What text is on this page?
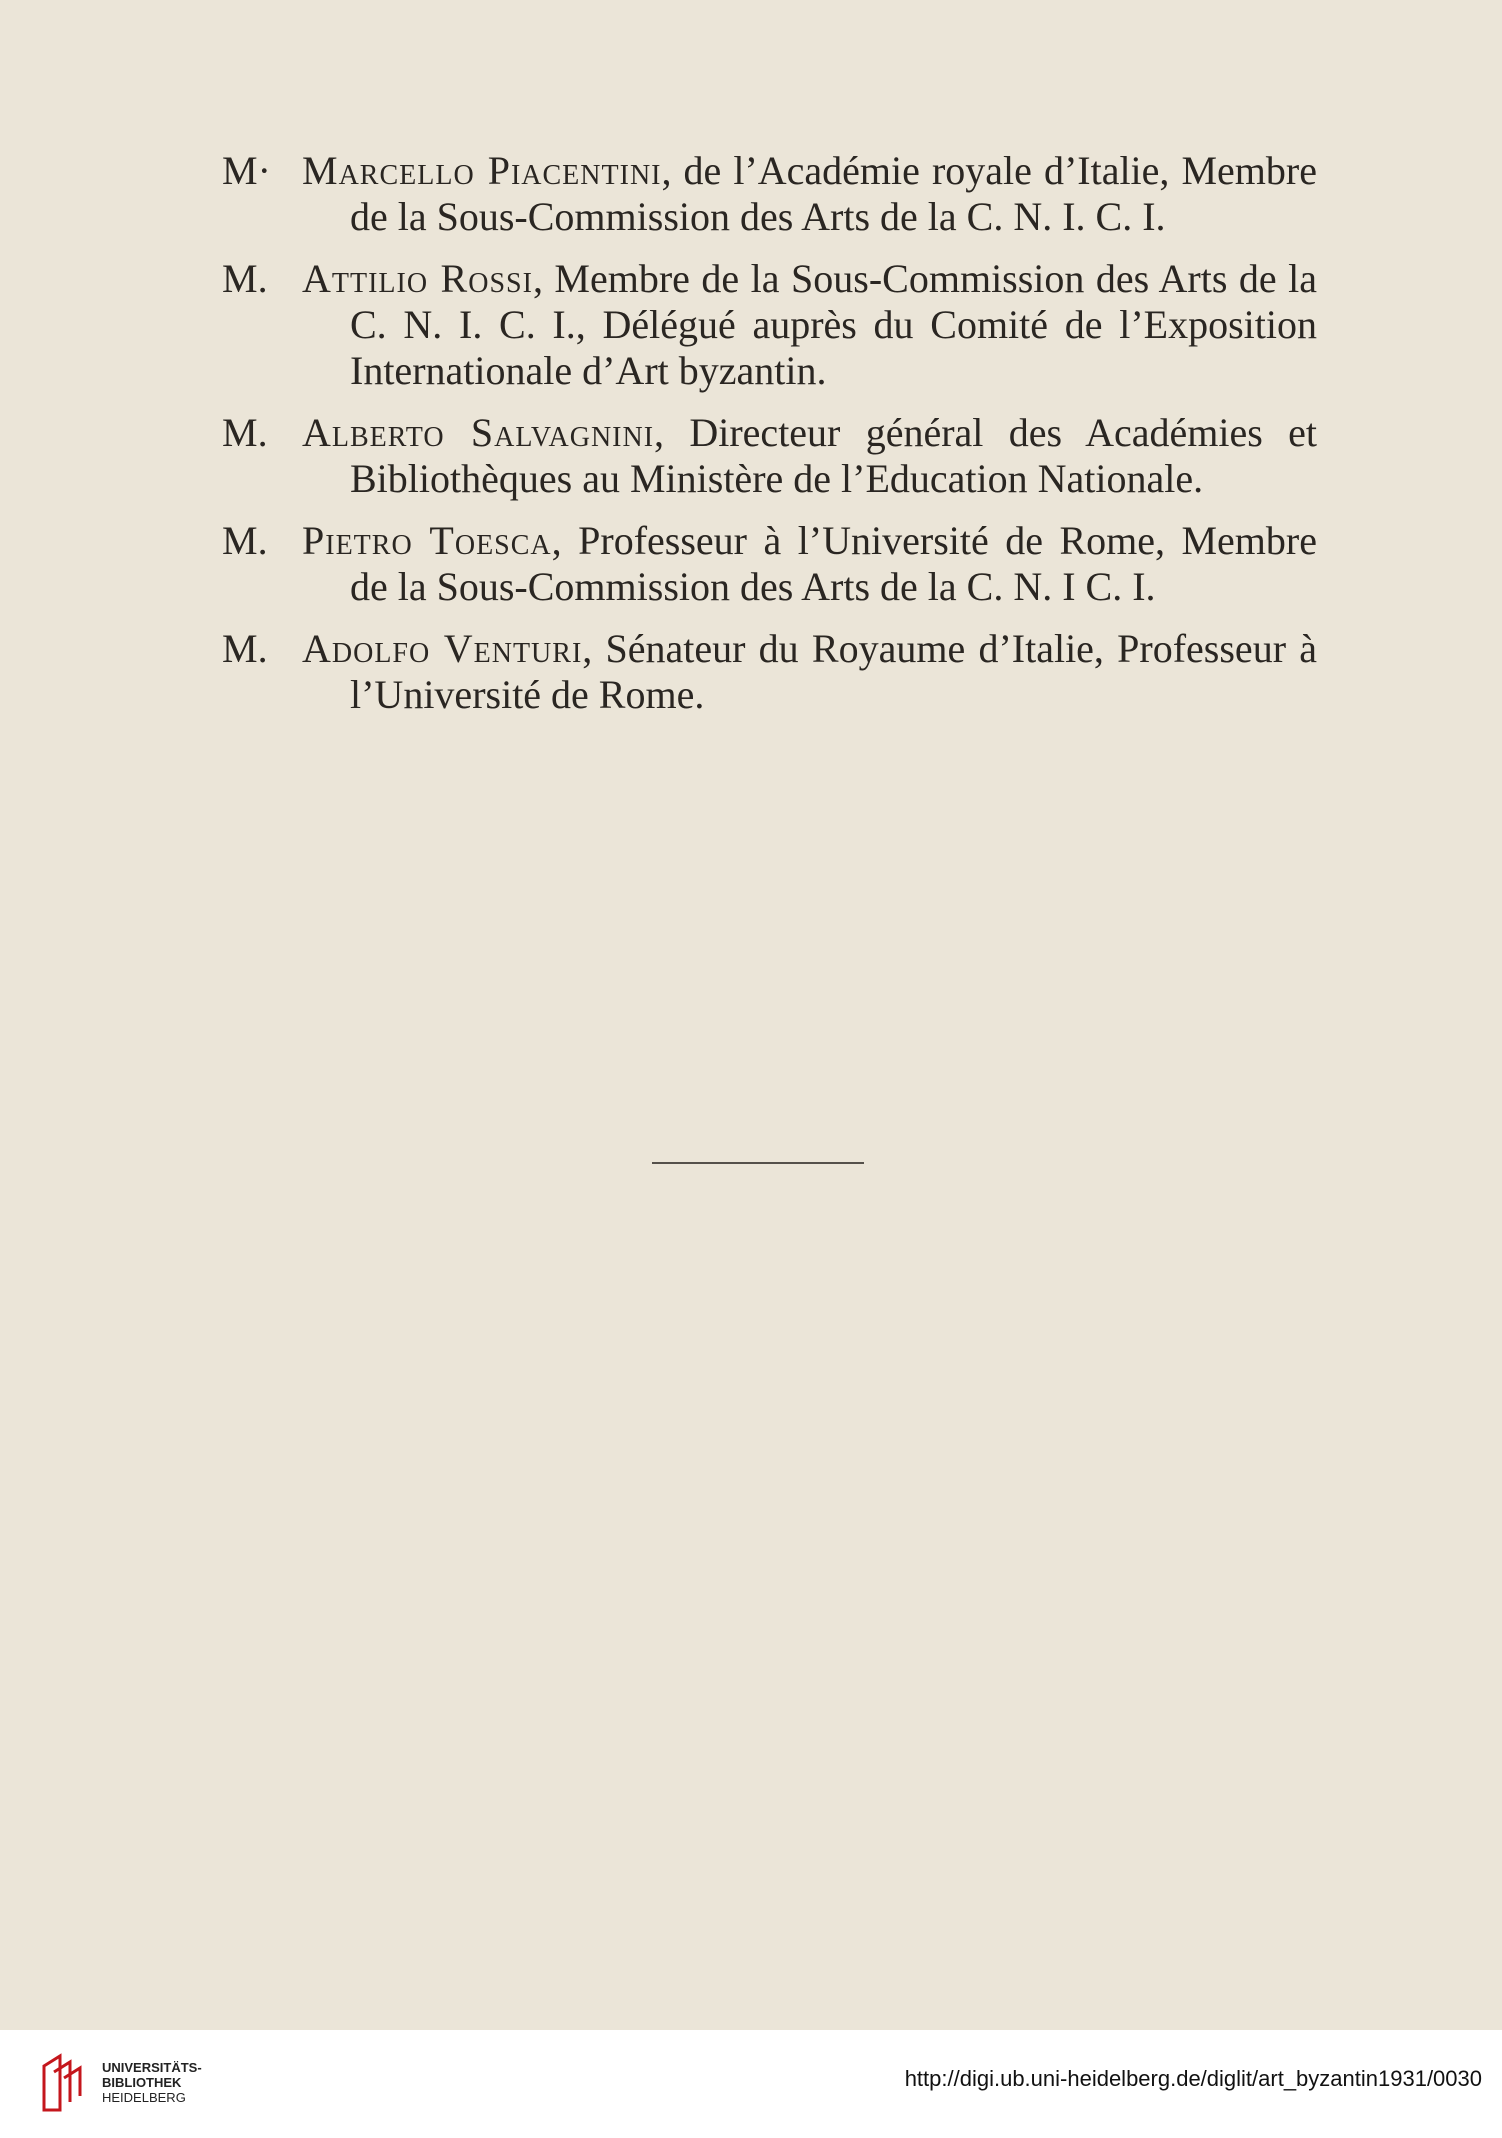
M· Marcello Piacentini, de l’Académie royale d’Italie, Membre de la Sous-Commission des Arts de la C. N. I. C. I.

M. Attilio Rossi, Membre de la Sous-Commission des Arts de la C. N. I. C. I., Délégué auprès du Comité de l’Exposition Internationale d’Art byzantin.

M. Alberto Salvagnini, Directeur général des Académies et Bibliothèques au Ministère de l’Education Nationale.

M. Pietro Toesca, Professeur à l’Université de Rome, Membre de la Sous-Commission des Arts de la C. N. I C. I.

M. Adolfo Venturi, Sénateur du Royaume d’Italie, Professeur à l’Université de Rome.

UNIVERSITÄTS-
BIBLIOTHEK
HEIDELBERG
http://digi.ub.uni-heidelberg.de/diglit/art_byzantin1931/0030
